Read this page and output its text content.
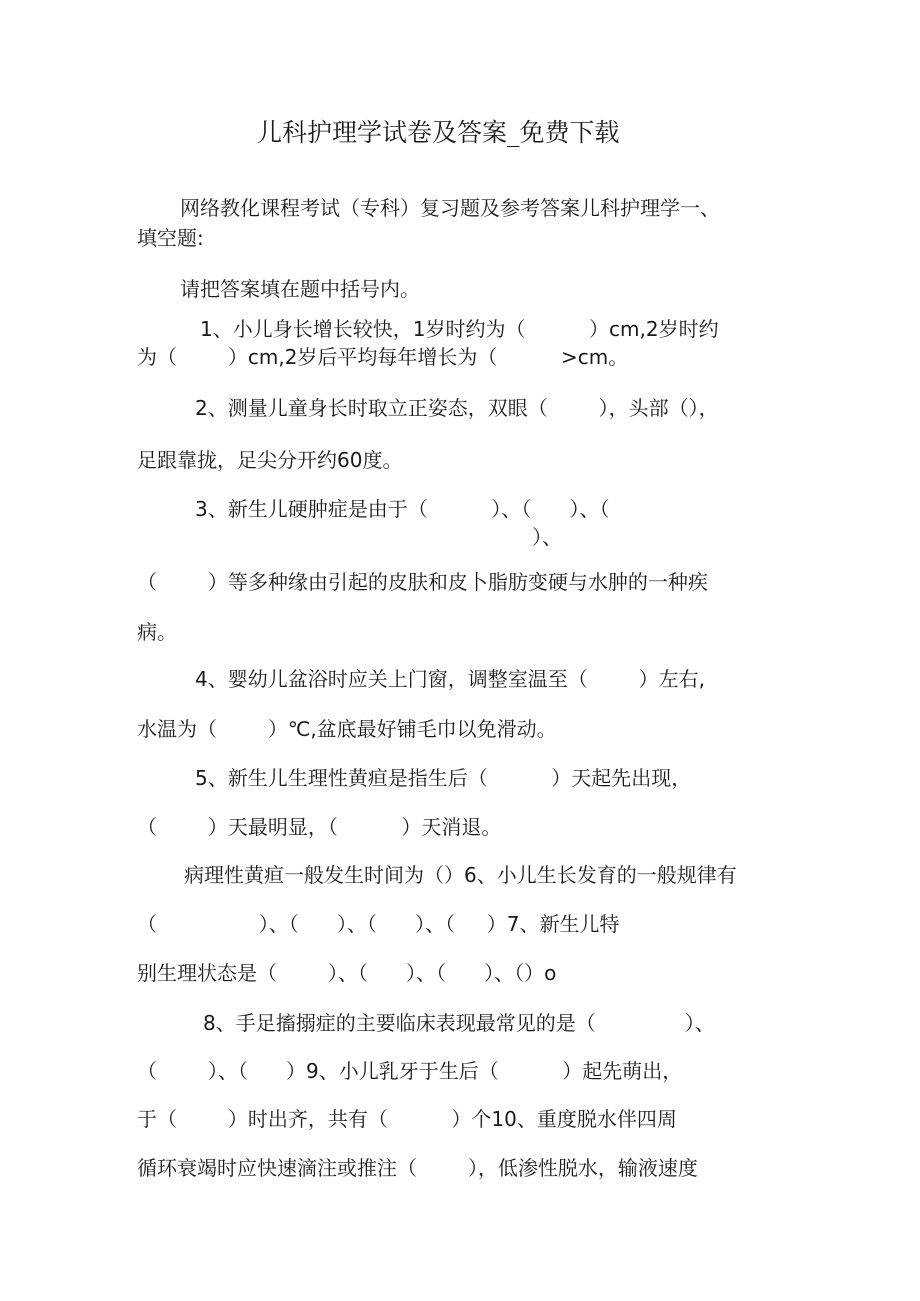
儿科护理学试卷及答案_免费下载

网络教化课程考试（专科）复习题及参考答案儿科护理学一、

填空题:

请把答案填在题中括号内。

1、小儿身长增长较快，1岁时约为（          ）cm,2岁时约

为（        ）cm,2岁后平均每年增长为（          >cm。

2、测量儿童身长时取立正姿态，双眼（        ），头部（），

足跟靠拢，足尖分开约60度。

3、新生儿硬肿症是由于（          ）、（      ）、（

）、

（        ）等多种缘由引起的皮肤和皮卜脂肪变硬与水肿的一种疾

病。

4、婴幼儿盆浴时应关上门窗，调整室温至（        ）左右,

水温为（        ）℃,盆底最好铺毛巾以免滑动。

5、新生儿生理性黄疸是指生后（          ）天起先出现，

（        ）天最明显，（          ）天消退。

病理性黄疸一般发生时间为（）6、小儿生长发育的一般规律有

（                ）、（      ）、（      ）、（     ）7、新生儿特

别生理状态是（        ）、（      ）、（      ）、（）o

8、手足搐搦症的主要临床表现最常见的是（              ）、

（        ）、（      ）9、小儿乳牙于生后（          ）起先萌出，

于（        ）时出齐，共有（          ）个10、重度脱水伴四周

循环衰竭时应快速滴注或推注（        ），低渗性脱水，输液速度
